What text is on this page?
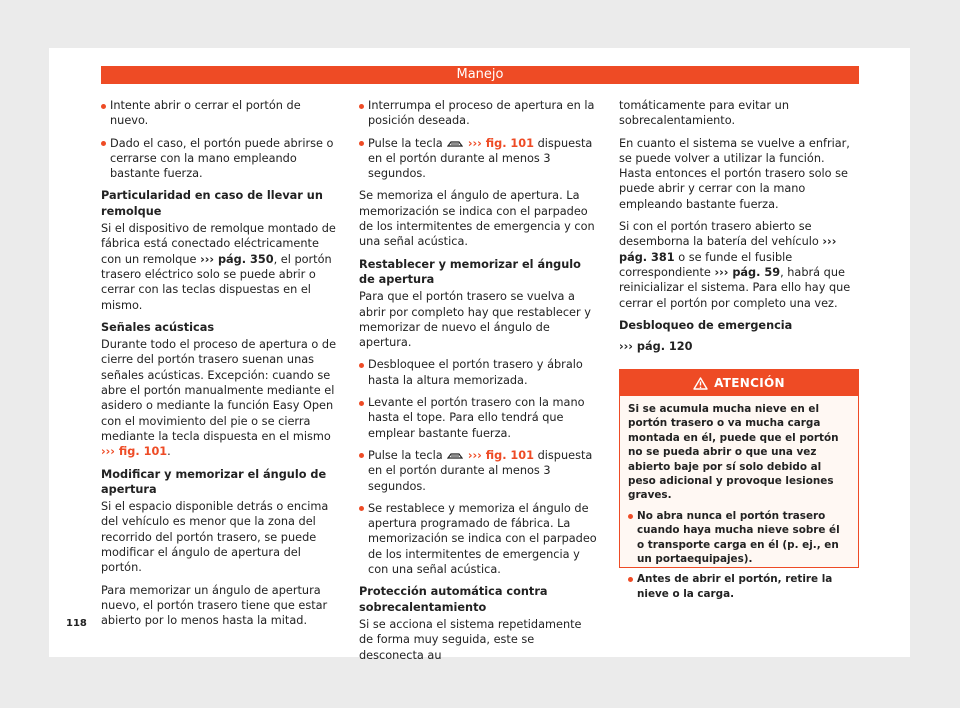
Manejo

Intente abrir o cerrar el portón de nuevo.

Dado el caso, el portón puede abrirse o cerrarse con la mano empleando bastante fuerza.

Particularidad en caso de llevar un remolque

Si el dispositivo de remolque montado de fábrica está conectado eléctricamente con un remolque ››› pág. 350, el portón trasero eléctrico solo se puede abrir o cerrar con las teclas dispuestas en el mismo.

Señales acústicas

Durante todo el proceso de apertura o de cierre del portón trasero suenan unas señales acústicas. Excepción: cuando se abre el portón manualmente mediante el asidero o mediante la función Easy Open con el movimiento del pie o se cierra mediante la tecla dispuesta en el mismo ››› fig. 101.

Modificar y memorizar el ángulo de apertura

Si el espacio disponible detrás o encima del vehículo es menor que la zona del recorrido del portón trasero, se puede modificar el ángulo de apertura del portón.

Para memorizar un ángulo de apertura nuevo, el portón trasero tiene que estar abierto por lo menos hasta la mitad.

Interrumpa el proceso de apertura en la posición deseada.

Pulse la tecla  ››› fig. 101 dispuesta en el portón durante al menos 3 segundos.

Se memoriza el ángulo de apertura. La memorización se indica con el parpadeo de los intermitentes de emergencia y con una señal acústica.

Restablecer y memorizar el ángulo de apertura

Para que el portón trasero se vuelva a abrir por completo hay que restablecer y memorizar de nuevo el ángulo de apertura.

Desbloquee el portón trasero y ábralo hasta la altura memorizada.

Levante el portón trasero con la mano hasta el tope. Para ello tendrá que emplear bastante fuerza.

Pulse la tecla  ››› fig. 101 dispuesta en el portón durante al menos 3 segundos.

Se restablece y memoriza el ángulo de apertura programado de fábrica. La memorización se indica con el parpadeo de los intermitentes de emergencia y con una señal acústica.

Protección automática contra sobrecalentamiento

Si se acciona el sistema repetidamente de forma muy seguida, este se desconecta au

tomáticamente para evitar un sobrecalentamiento.

En cuanto el sistema se vuelve a enfriar, se puede volver a utilizar la función. Hasta entonces el portón trasero solo se puede abrir y cerrar con la mano empleando bastante fuerza.

Si con el portón trasero abierto se desemborna la batería del vehículo ››› pág. 381 o se funde el fusible correspondiente ››› pág. 59, habrá que reinicializar el sistema. Para ello hay que cerrar el portón por completo una vez.

Desbloqueo de emergencia

››› pág. 120

ATENCIÓN

Si se acumula mucha nieve en el portón trasero o va mucha carga montada en él, puede que el portón no se pueda abrir o que una vez abierto baje por sí solo debido al peso adicional y provoque lesiones graves.

No abra nunca el portón trasero cuando haya mucha nieve sobre él o transporte carga en él (p. ej., en un portaequipajes).

Antes de abrir el portón, retire la nieve o la carga.

118
